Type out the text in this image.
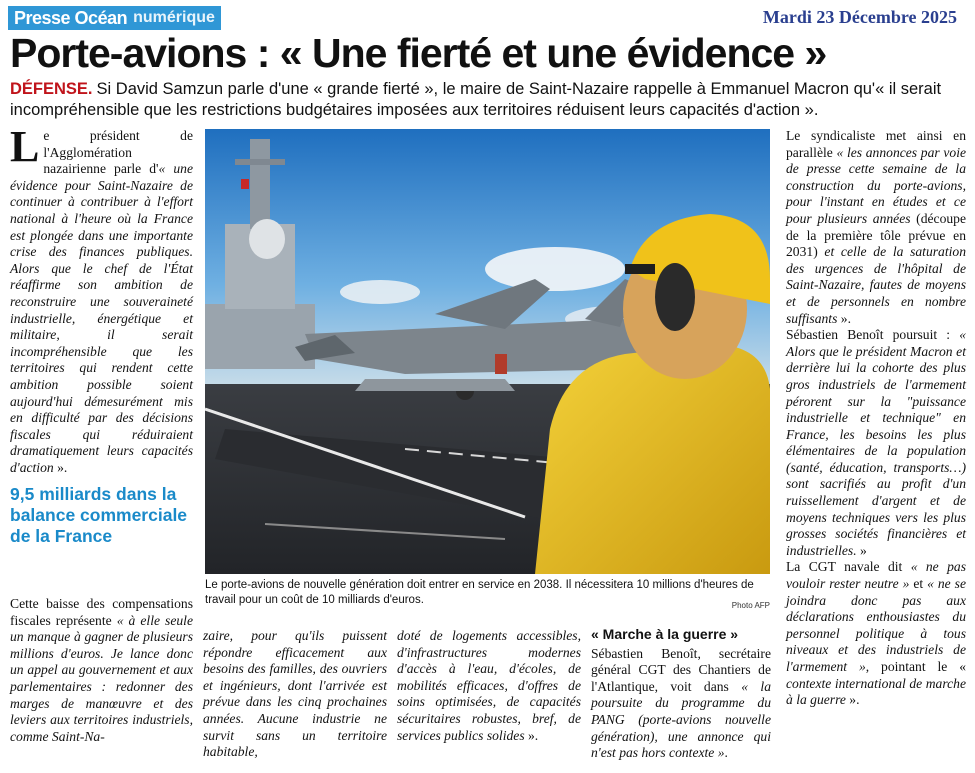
Presse Océan numérique	Mardi 23 Décembre 2025
Porte-avions : « Une fierté et une évidence »

DÉFENSE. Si David Samzun parle d'une « grande fierté », le maire de Saint-Nazaire rappelle à Emmanuel Macron qu'« il serait incompréhensible que les restrictions budgétaires imposées aux territoires réduisent leurs capacités d'action ».

Le président de l'Agglomération nazairienne parle d'« une évidence pour Saint-Nazaire de continuer à contribuer à l'effort national à l'heure où la France est plongée dans une importante crise des finances publiques. Alors que le chef de l'État réaffirme son ambition de reconstruire une souveraineté industrielle, énergétique et militaire, il serait incompréhensible que les territoires qui rendent cette ambition possible soient aujourd'hui démesurément mis en difficulté par des décisions fiscales qui réduiraient dramatiquement leurs capacités d'action ».
9,5 milliards dans la balance commerciale de la France
Cette baisse des compensations fiscales représente « à elle seule un manque à gagner de plusieurs millions d'euros. Je lance donc un appel au gouvernement et aux parlementaires : redonner des marges de manœuvre et des leviers aux territoires industriels, comme Saint-Na-
zaire, pour qu'ils puissent répondre efficacement aux besoins des familles, des ouvriers et ingénieurs, dont l'arrivée est prévue dans les cinq prochaines années. Aucune industrie ne survit sans un territoire habitable,
doté de logements accessibles, d'infrastructures modernes d'accès à l'eau, d'écoles, de mobilités efficaces, d'offres de soins optimisées, de capacités sécuritaires robustes, bref, de services publics solides ».
« Marche à la guerre »
Sébastien Benoît, secrétaire général CGT des Chantiers de l'Atlantique, voit dans « la poursuite du programme du PANG (porte-avions nouvelle génération), une annonce qui n'est pas hors contexte ».
Le syndicaliste met ainsi en parallèle « les annonces par voie de presse cette semaine de la construction du porte-avions, pour l'instant en études et ce pour plusieurs années (découpe de la première tôle prévue en 2031) et celle de la saturation des urgences de l'hôpital de Saint-Nazaire, fautes de moyens et de personnels en nombre suffisants ».
Sébastien Benoît poursuit : « Alors que le président Macron et derrière lui la cohorte des plus gros industriels de l'armement pérorent sur la "puissance industrielle et technique" en France, les besoins les plus élémentaires de la population (santé, éducation, transports…) sont sacrifiés au profit d'un ruissellement d'argent et de moyens techniques vers les plus grosses sociétés financières et industrielles. »
La CGT navale dit « ne pas vouloir rester neutre » et « ne se joindra donc pas aux déclarations enthousiastes du personnel politique à tous niveaux et des industriels de l'armement », pointant le « contexte international de marche à la guerre ».
Le porte-avions de nouvelle génération doit entrer en service en 2038. Il nécessitera 10 millions d'heures de travail pour un coût de 10 milliards d'euros.	Photo AFP
